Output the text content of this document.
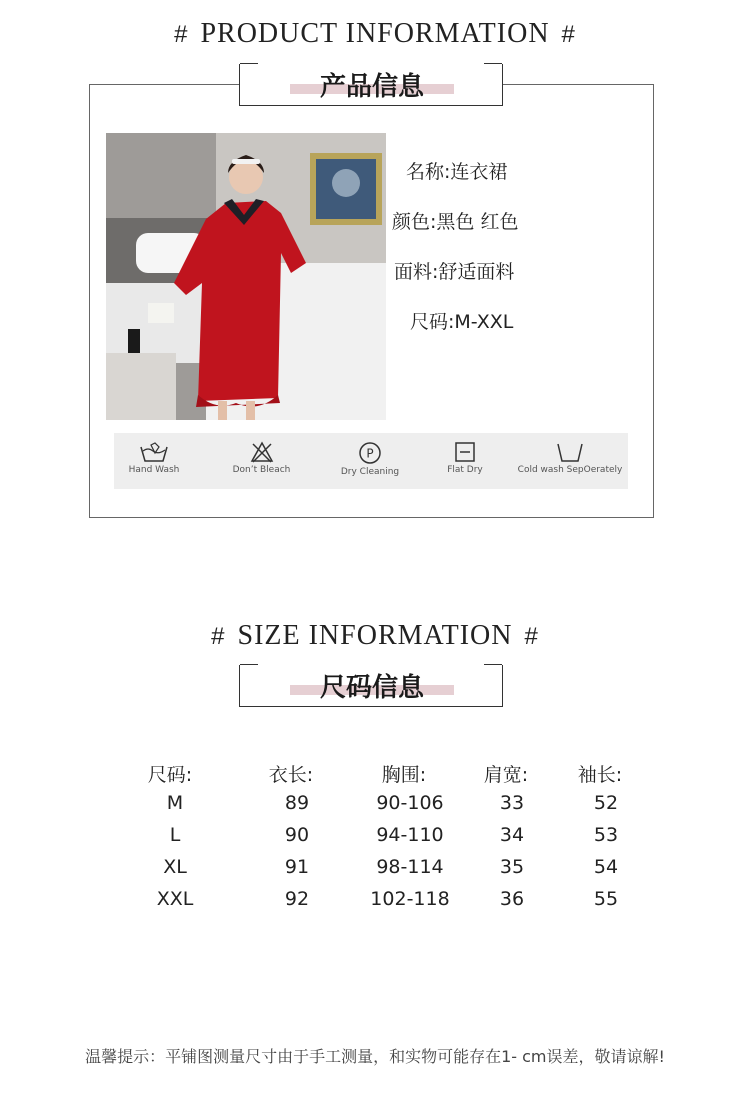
# PRODUCT INFORMATION #
名称:连衣裙
颜色:黑色 红色
面料:舒适面料
尺码:M-XXL
Hand Wash	Don’t Bleach
P
Dry Cleaning	Flat Dry	Cold wash SepOerately
产品信息
# SIZE INFORMATION #
尺码信息
尺码:	衣长:	胸围:	肩宽:	袖长:
M	89	90-106	33	52
L	90	94-110	34	53
XL	91	98-114	35	54
XXL	92	102-118	36	55
温馨提示：平铺图测量尺寸由于手工测量，和实物可能存在1- cm误差，敬请谅解!
